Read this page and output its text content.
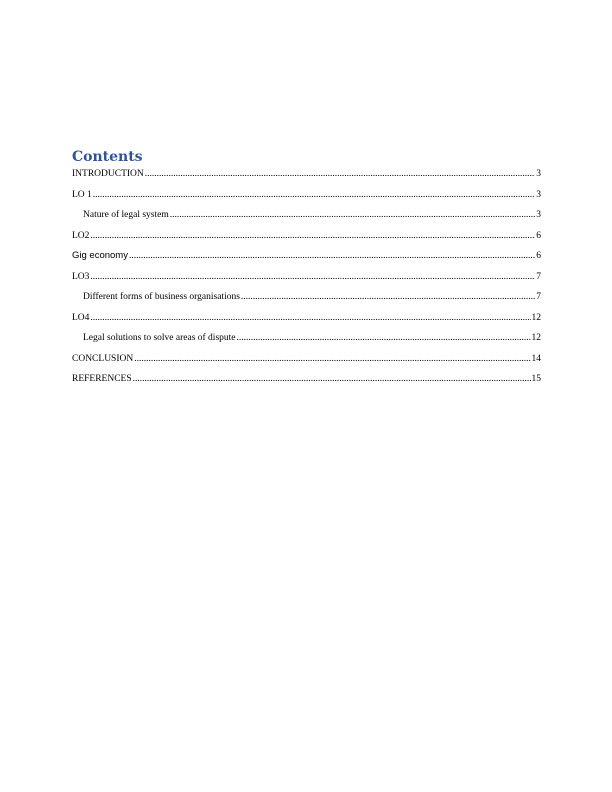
Contents
INTRODUCTION .....	3
LO 1 .....	3
Nature of legal system .....	3
LO2 .....	6
Gig economy .....	6
LO3 .....	7
Different forms of business organisations .....	7
LO4 .....	12
Legal solutions to solve areas of dispute .....	12
CONCLUSION .....	14
REFERENCES .....	15
